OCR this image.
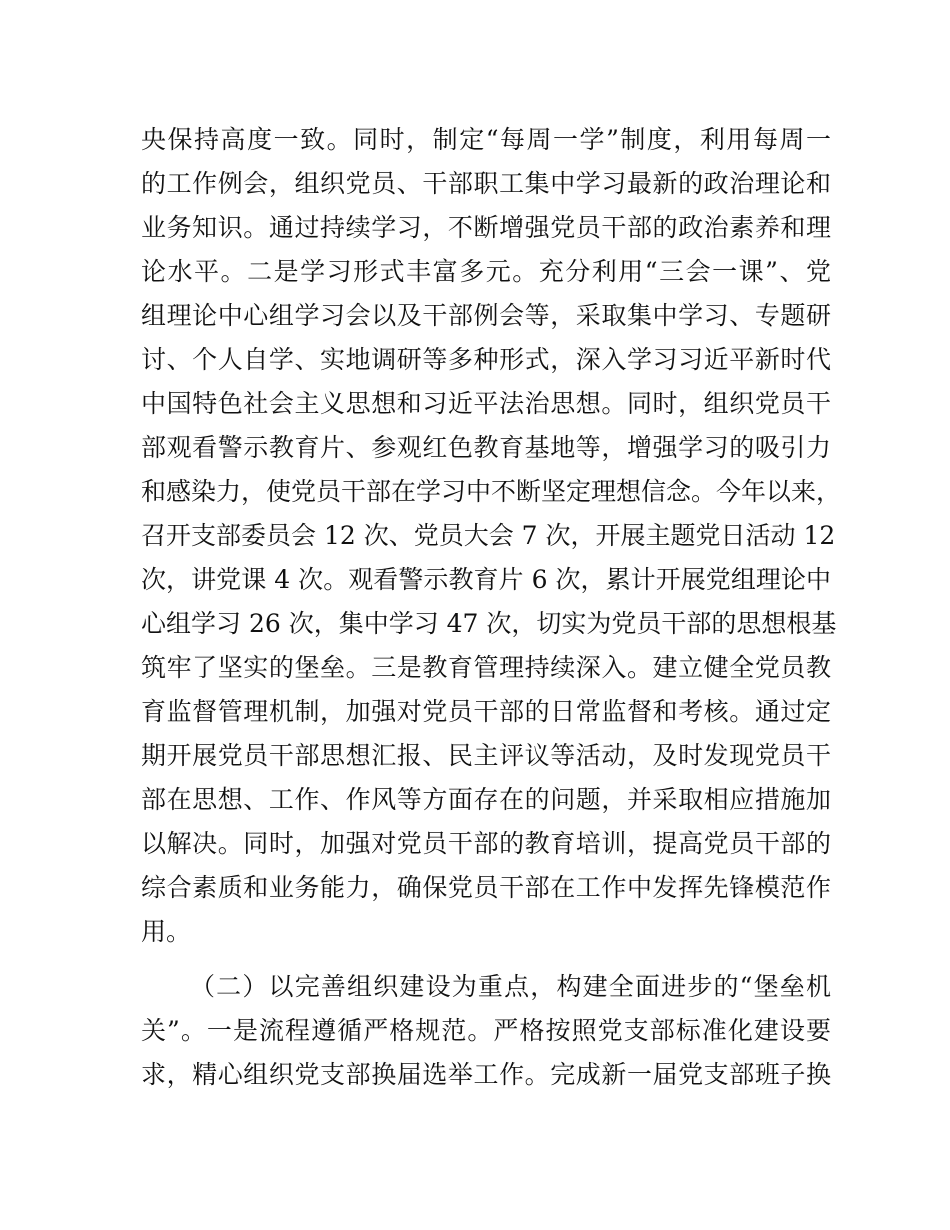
央保持高度一致。同时，制定“每周一学”制度，利用每周一
的工作例会，组织党员、干部职工集中学习最新的政治理论和
业务知识。通过持续学习，不断增强党员干部的政治素养和理
论水平。二是学习形式丰富多元。充分利用“三会一课”、党
组理论中心组学习会以及干部例会等，采取集中学习、专题研
讨、个人自学、实地调研等多种形式，深入学习习近平新时代
中国特色社会主义思想和习近平法治思想。同时，组织党员干
部观看警示教育片、参观红色教育基地等，增强学习的吸引力
和感染力，使党员干部在学习中不断坚定理想信念。今年以来，
召开支部委员会 12 次、党员大会 7 次，开展主题党日活动 12
次，讲党课 4 次。观看警示教育片 6 次，累计开展党组理论中
心组学习 26 次，集中学习 47 次，切实为党员干部的思想根基
筑牢了坚实的堡垒。三是教育管理持续深入。建立健全党员教
育监督管理机制，加强对党员干部的日常监督和考核。通过定
期开展党员干部思想汇报、民主评议等活动，及时发现党员干
部在思想、工作、作风等方面存在的问题，并采取相应措施加
以解决。同时，加强对党员干部的教育培训，提高党员干部的
综合素质和业务能力，确保党员干部在工作中发挥先锋模范作
用。
（二）以完善组织建设为重点，构建全面进步的“堡垒机
关”。一是流程遵循严格规范。严格按照党支部标准化建设要
求，精心组织党支部换届选举工作。完成新一届党支部班子换
